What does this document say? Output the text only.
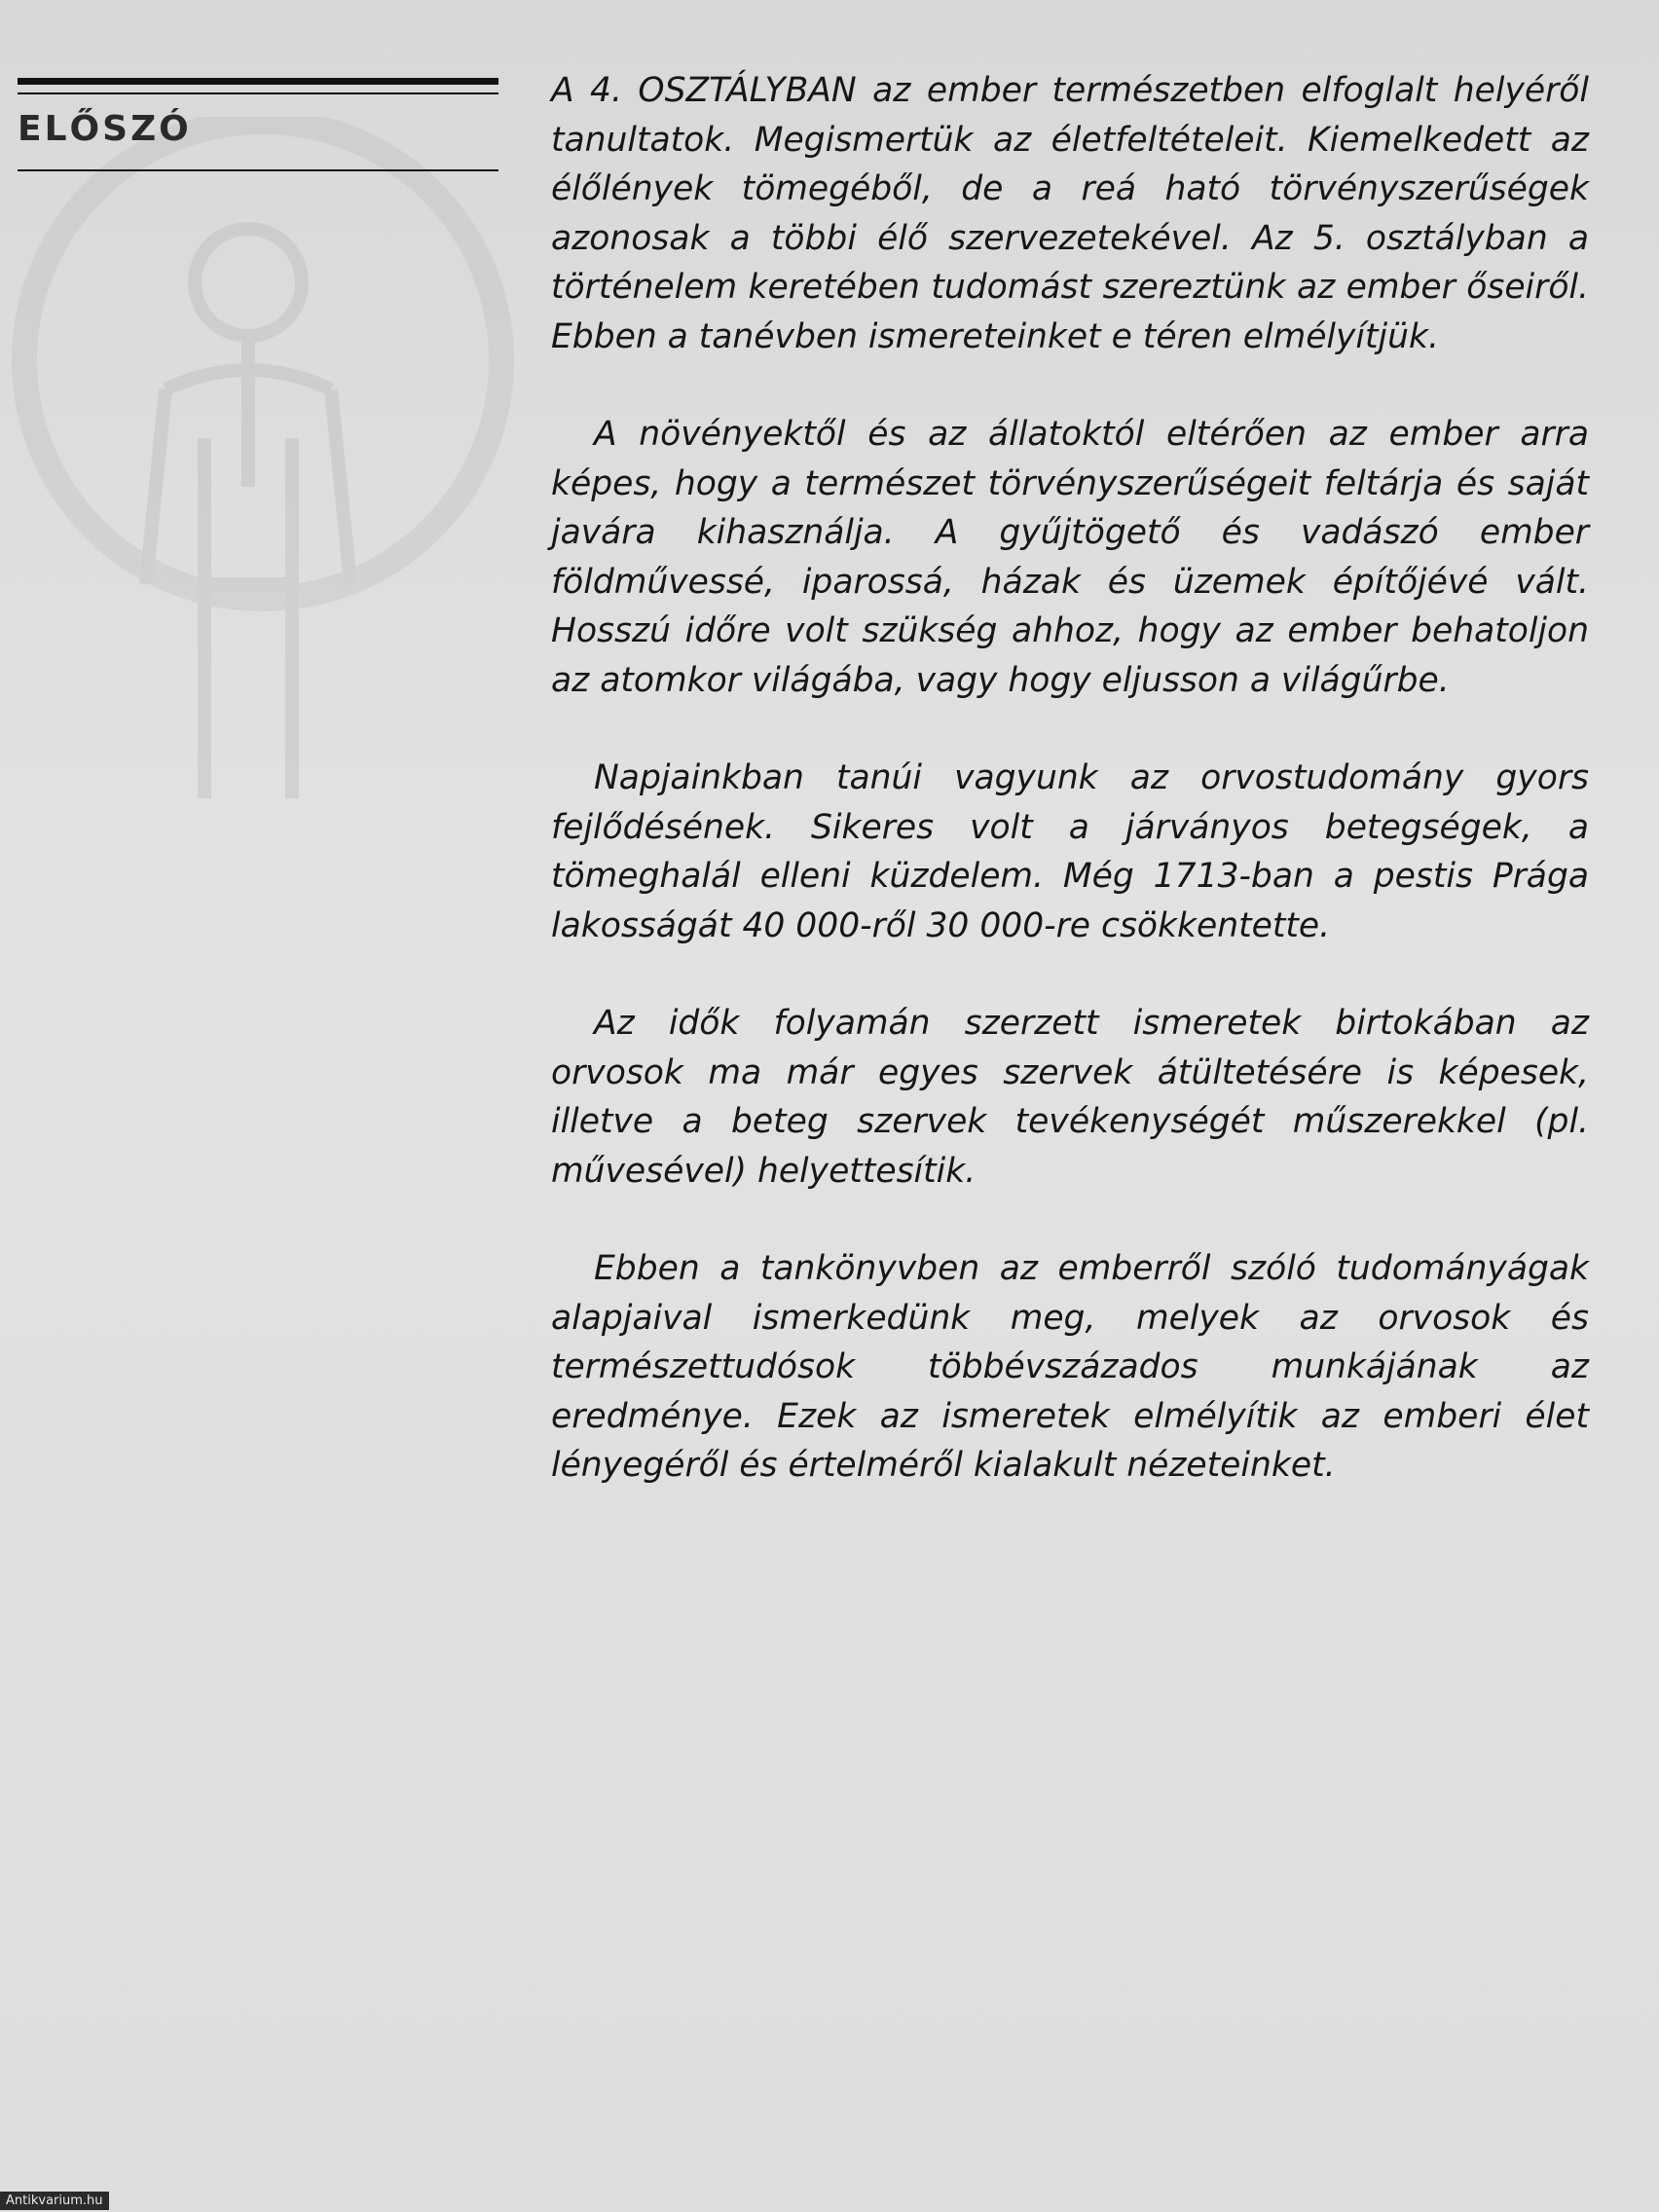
ELŐSZÓ

A 4. OSZTÁLYBAN az ember természetben elfoglalt helyéről tanultatok. Megismertük az életfeltételeit. Kiemelkedett az élőlények tömegéből, de a reá ható törvényszerűségek azonosak a többi élő szervezetekével. Az 5. osztályban a történelem keretében tudomást szereztünk az ember őseiről. Ebben a tanévben ismereteinket e téren elmélyítjük.

A növényektől és az állatoktól eltérően az ember arra képes, hogy a természet törvényszerűségeit feltárja és saját javára kihasználja. A gyűjtögető és vadászó ember földművessé, iparossá, házak és üzemek építőjévé vált. Hosszú időre volt szükség ahhoz, hogy az ember behatoljon az atomkor világába, vagy hogy eljusson a világűrbe.

Napjainkban tanúi vagyunk az orvostudomány gyors fejlődésének. Sikeres volt a járványos betegségek, a tömeghalál elleni küzdelem. Még 1713-ban a pestis Prága lakosságát 40 000-ről 30 000-re csökkentette.

Az idők folyamán szerzett ismeretek birtokában az orvosok ma már egyes szervek átültetésére is képesek, illetve a beteg szervek tevékenységét műszerekkel (pl. művesével) helyettesítik.

Ebben a tankönyvben az emberről szóló tudományágak alapjaival ismerkedünk meg, melyek az orvosok és természettudósok többévszázados munkájának az eredménye. Ezek az ismeretek elmélyítik az emberi élet lényegéről és értelméről kialakult nézeteinket.

Antikvarium.hu
